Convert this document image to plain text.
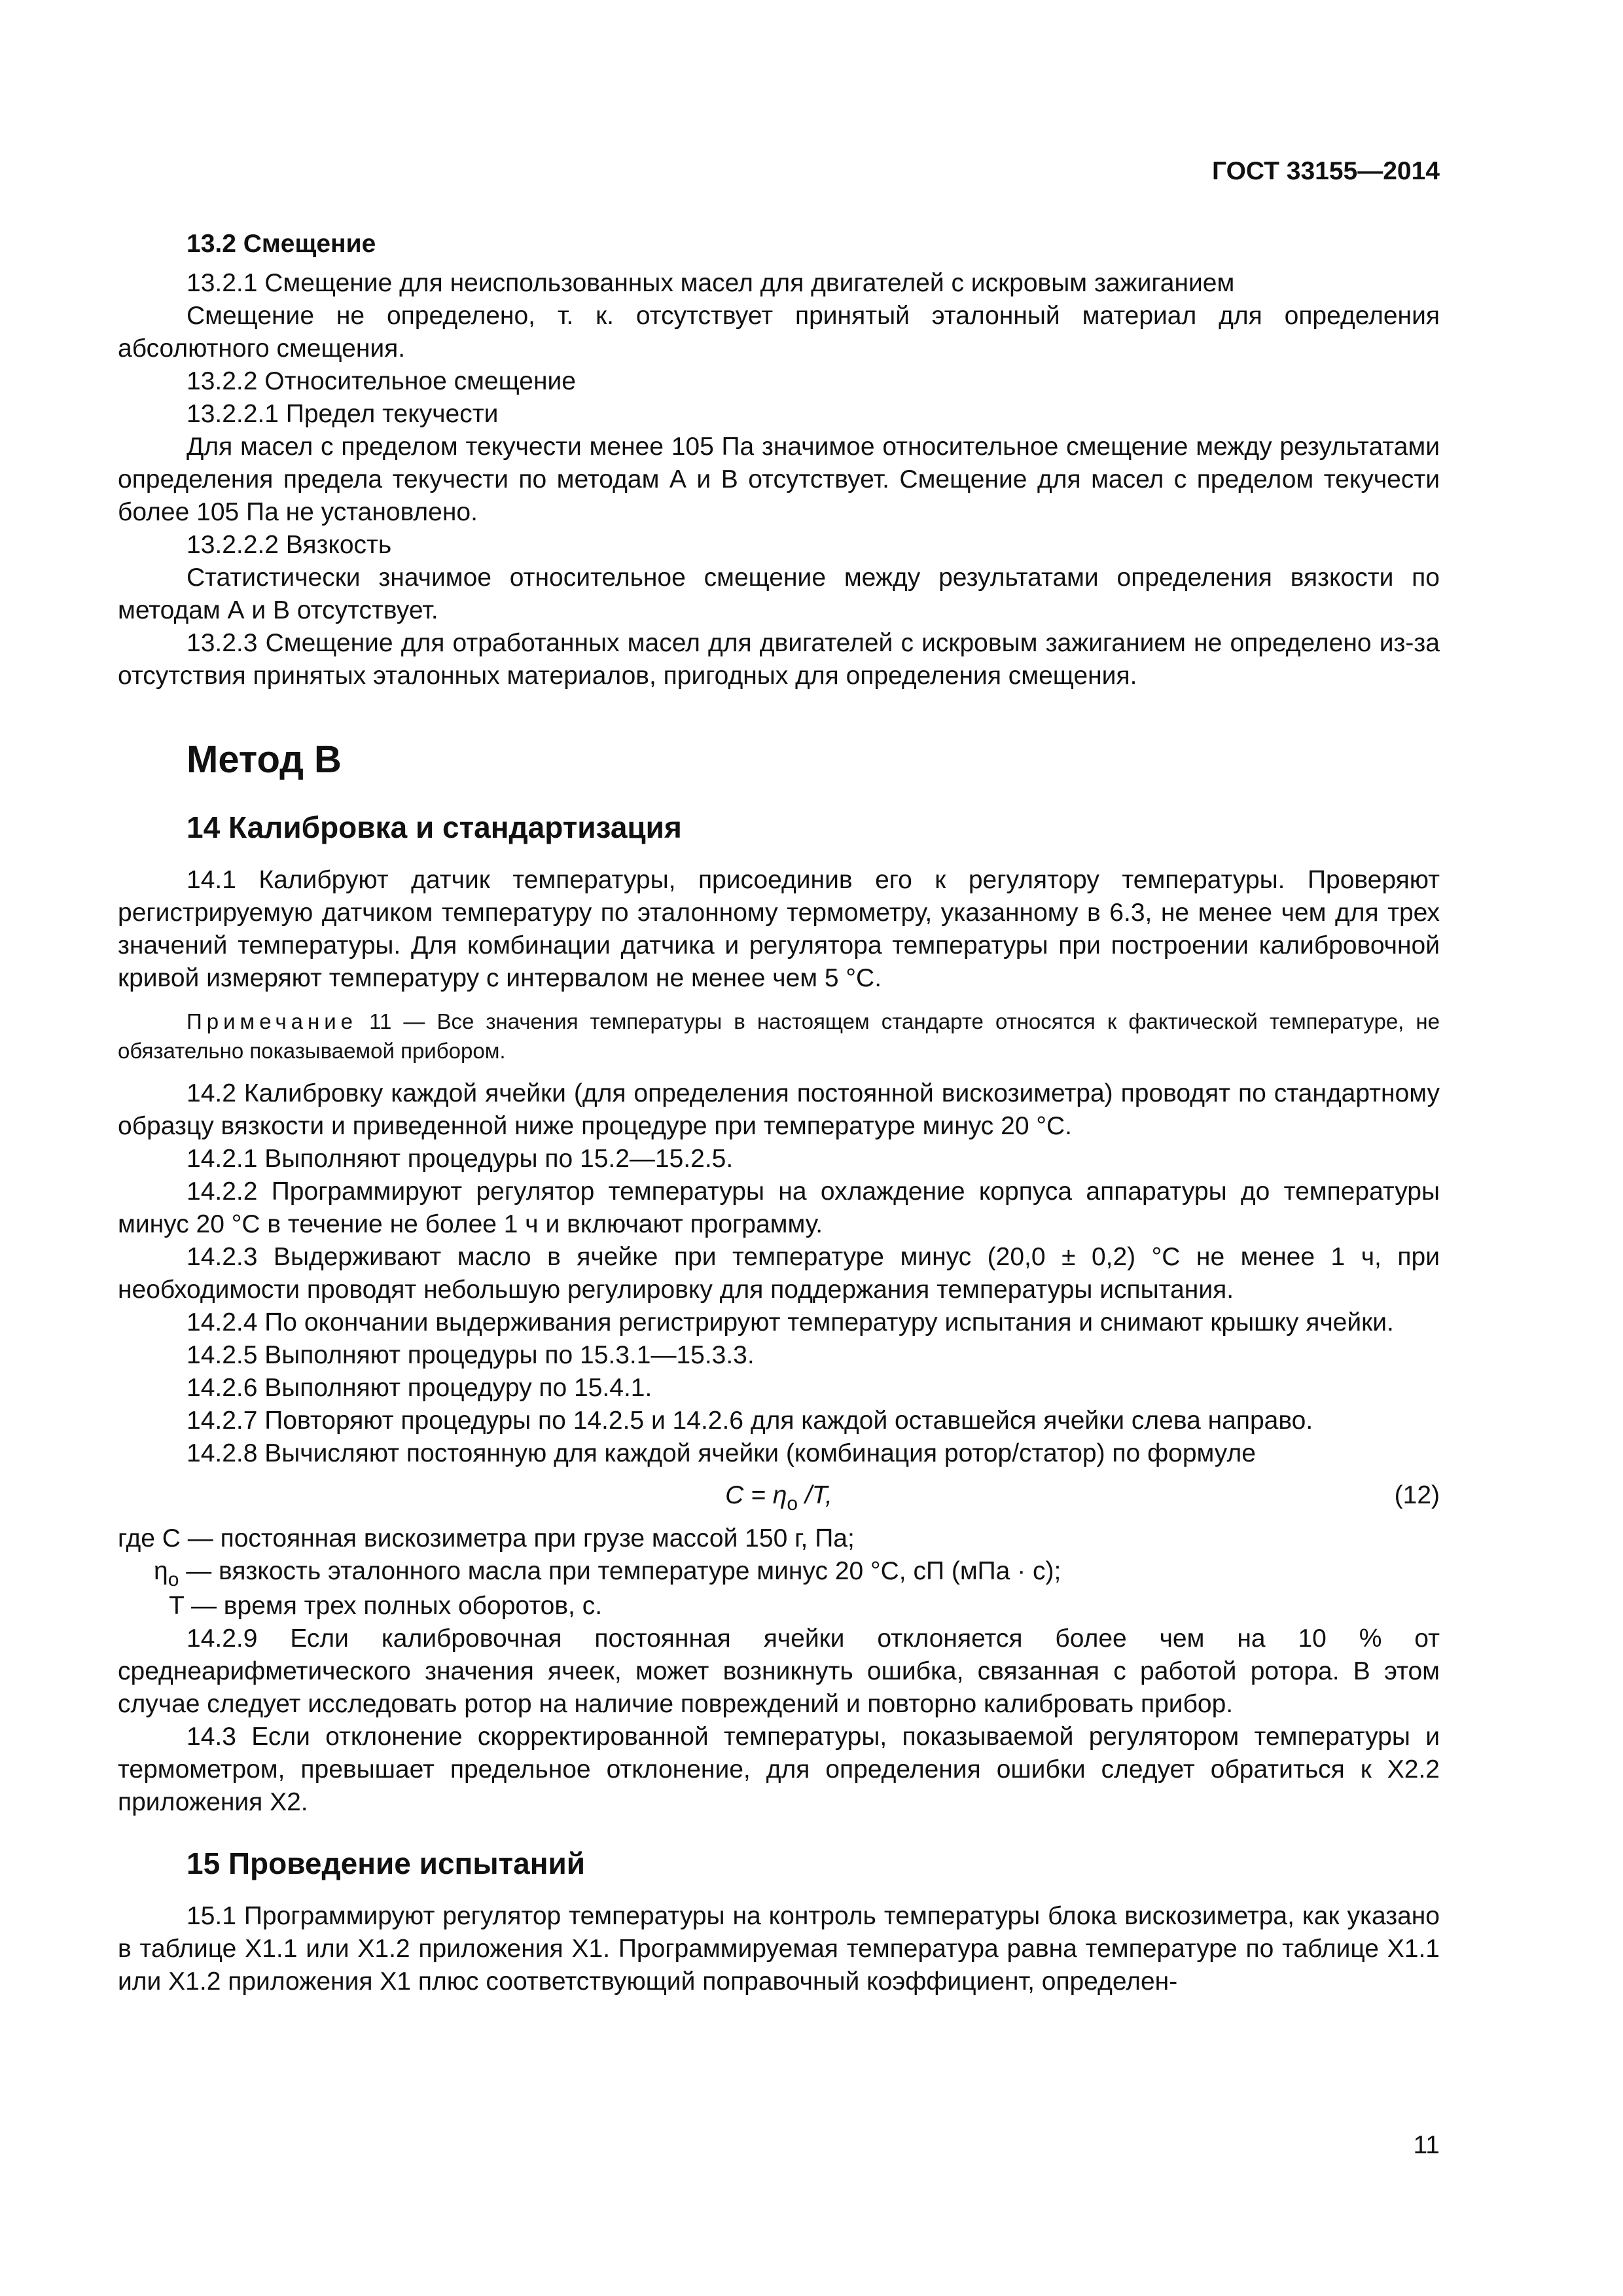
ГОСТ 33155—2014

13.2 Смещение

13.2.1 Смещение для неиспользованных масел для двигателей с искровым зажиганием

Смещение не определено, т. к. отсутствует принятый эталонный материал для определения абсолютного смещения.

13.2.2 Относительное смещение

13.2.2.1 Предел текучести

Для масел с пределом текучести менее 105 Па значимое относительное смещение между результатами определения предела текучести по методам А и В отсутствует. Смещение для масел с пределом текучести более 105 Па не установлено.

13.2.2.2 Вязкость

Статистически значимое относительное смещение между результатами определения вязкости по методам А и В отсутствует.

13.2.3 Смещение для отработанных масел для двигателей с искровым зажиганием не определено из-за отсутствия принятых эталонных материалов, пригодных для определения смещения.

Метод В

14 Калибровка и стандартизация

14.1 Калибруют датчик температуры, присоединив его к регулятору температуры. Проверяют регистрируемую датчиком температуру по эталонному термометру, указанному в 6.3, не менее чем для трех значений температуры. Для комбинации датчика и регулятора температуры при построении калибровочной кривой измеряют температуру с интервалом не менее чем 5 °С.

Примечание 11 — Все значения температуры в настоящем стандарте относятся к фактической температуре, не обязательно показываемой прибором.

14.2 Калибровку каждой ячейки (для определения постоянной вискозиметра) проводят по стандартному образцу вязкости и приведенной ниже процедуре при температуре минус 20 °С.

14.2.1 Выполняют процедуры по 15.2—15.2.5.

14.2.2 Программируют регулятор температуры на охлаждение корпуса аппаратуры до температуры минус 20 °С в течение не более 1 ч и включают программу.

14.2.3 Выдерживают масло в ячейке при температуре минус (20,0 ± 0,2) °С не менее 1 ч, при необходимости проводят небольшую регулировку для поддержания температуры испытания.

14.2.4 По окончании выдерживания регистрируют температуру испытания и снимают крышку ячейки.

14.2.5 Выполняют процедуры по 15.3.1—15.3.3.

14.2.6 Выполняют процедуру по 15.4.1.

14.2.7 Повторяют процедуры по 14.2.5 и 14.2.6 для каждой оставшейся ячейки слева направо.

14.2.8 Вычисляют постоянную для каждой ячейки (комбинация ротор/статор) по формуле

$C = \eta_o$ /T,	(12)

где С — постоянная вискозиметра при грузе массой 150 г, Па;

$\eta_o$ — вязкость эталонного масла при температуре минус 20 °С, сП (мПа · с);

T — время трех полных оборотов, с.

14.2.9 Если калибровочная постоянная ячейки отклоняется более чем на 10 % от среднеарифметического значения ячеек, может возникнуть ошибка, связанная с работой ротора. В этом случае следует исследовать ротор на наличие повреждений и повторно калибровать прибор.

14.3 Если отклонение скорректированной температуры, показываемой регулятором температуры и термометром, превышает предельное отклонение, для определения ошибки следует обратиться к Х2.2 приложения Х2.

15 Проведение испытаний

15.1 Программируют регулятор температуры на контроль температуры блока вискозиметра, как указано в таблице Х1.1 или Х1.2 приложения Х1. Программируемая температура равна температуре по таблице Х1.1 или Х1.2 приложения Х1 плюс соответствующий поправочный коэффициент, определен-

11
